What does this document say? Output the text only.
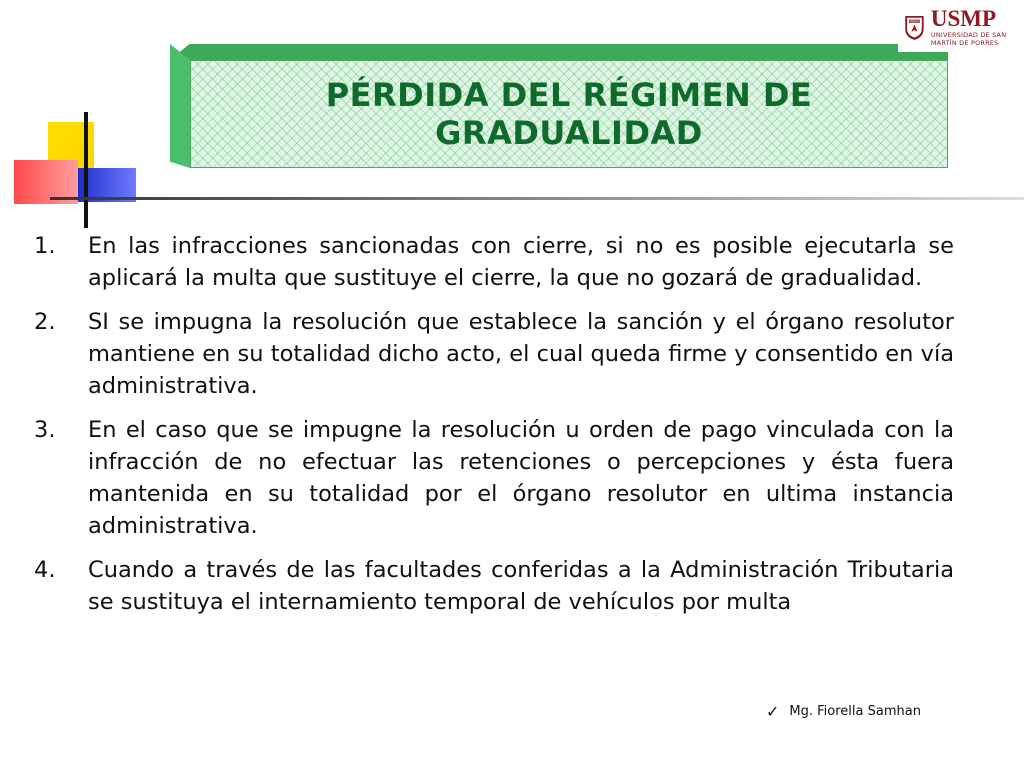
PÉRDIDA DEL RÉGIMEN DE
GRADUALIDAD
VERITAS USMP
UNIVERSIDAD DE SAN MARTÍN DE PORRES
1.	En las infracciones sancionadas con cierre, si no es posible ejecutarla se aplicará la multa que sustituye el cierre, la que no gozará de gradualidad.
2.	SI se impugna la resolución que establece la sanción y el órgano resolutor mantiene en su totalidad dicho acto, el cual queda firme y consentido en vía administrativa.
3.	En el caso que se impugne la resolución u orden de pago vinculada con la infracción de no efectuar las retenciones o percepciones y ésta fuera mantenida en su totalidad por el órgano resolutor en ultima instancia administrativa.
4.	Cuando a través de las facultades conferidas a la Administración Tributaria se sustituya el internamiento temporal de vehículos por multa
✓ Mg. Fiorella Samhan
